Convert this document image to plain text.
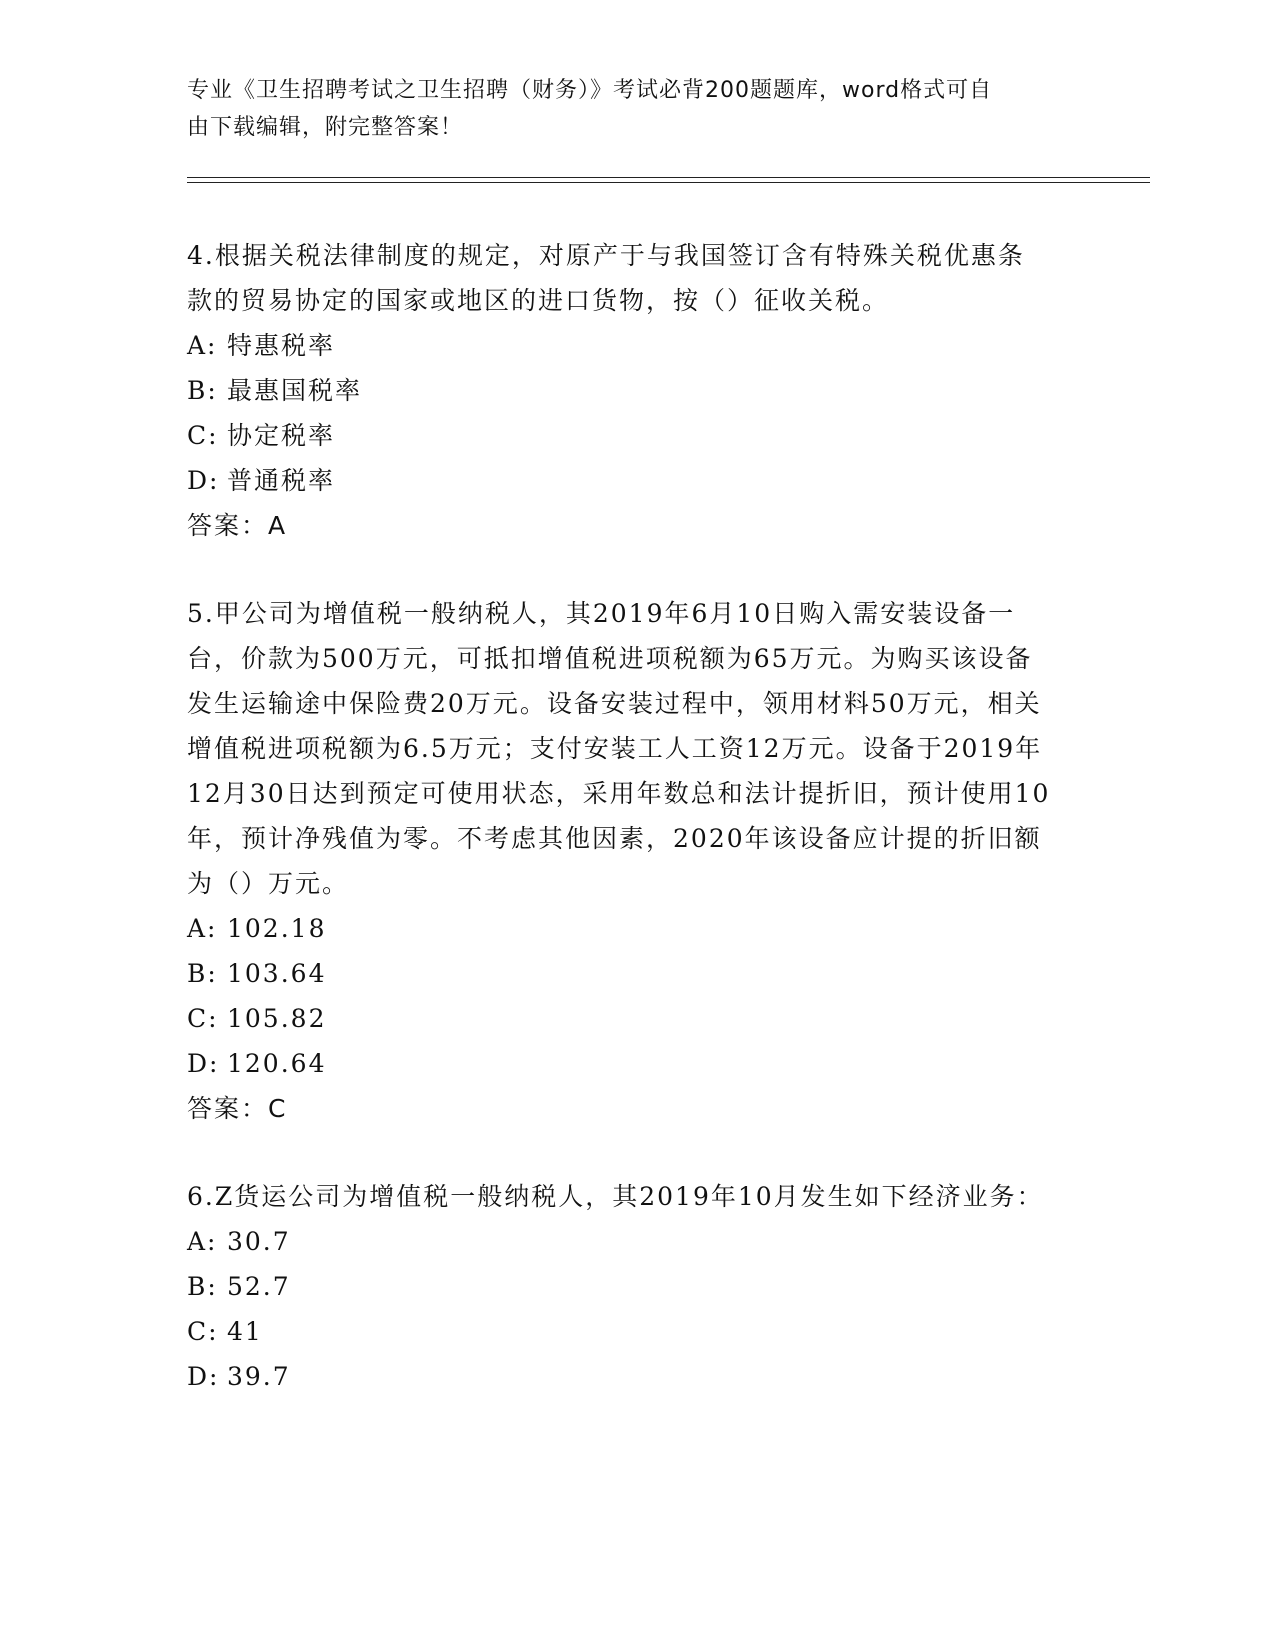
专业《卫生招聘考试之卫生招聘（财务）》考试必背200题题库，word格式可自
由下载编辑，附完整答案！

4.根据关税法律制度的规定，对原产于与我国签订含有特殊关税优惠条款的贸易协定的国家或地区的进口货物，按（）征收关税。

A: 特惠税率
B: 最惠国税率
C: 协定税率
D: 普通税率
答案：A

5.甲公司为增值税一般纳税人，其2019年6月10日购入需安装设备一台，价款为500万元，可抵扣增值税进项税额为65万元。为购买该设备发生运输途中保险费20万元。设备安装过程中，领用材料50万元，相关增值税进项税额为6.5万元；支付安装工人工资12万元。设备于2019年12月30日达到预定可使用状态，采用年数总和法计提折旧，预计使用10年，预计净残值为零。不考虑其他因素，2020年该设备应计提的折旧额为（）万元。

A: 102.18
B: 103.64
C: 105.82
D: 120.64
答案：C

6.Z货运公司为增值税一般纳税人，其2019年10月发生如下经济业务：

A: 30.7
B: 52.7
C: 41
D: 39.7
